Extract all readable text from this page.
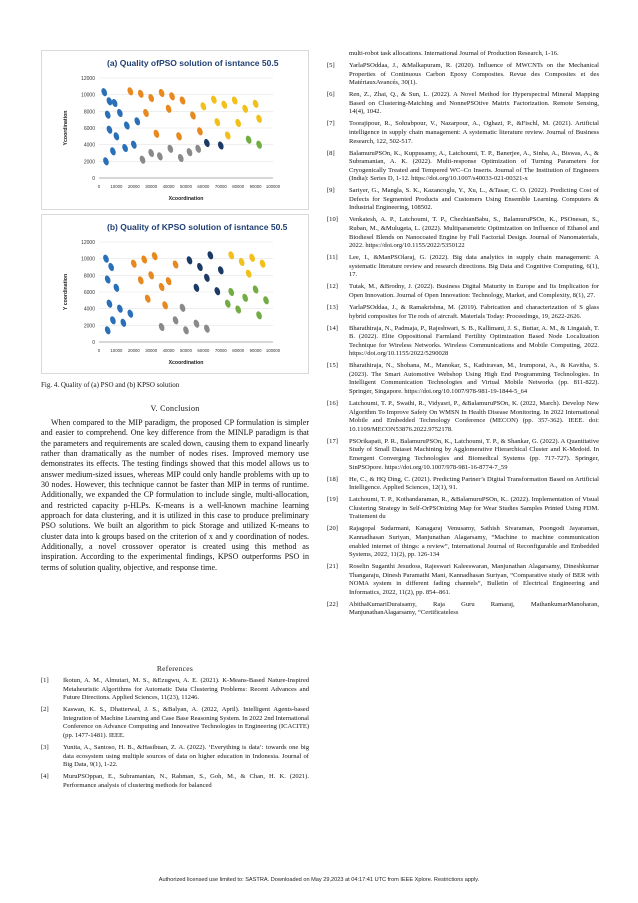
(a) Quality ofPSO solution of isntance 50.5
0
2000
4000
6000
8000
10000
12000
0 10000 20000 30000 40000 50000 60000 70000 80000 90000 100000
Xcoordination
Ycoordination
(b) Quality of KPSO solution of isntance 50.5
0
2000
4000
6000
8000
10000
12000
0 10000 20000 30000 40000 50000 60000 70000 80000 90000 100000
Xcoordination
Y coordination
Fig. 4. Quality of (a) PSO and (b) KPSO solution
V. Conclusion
When compared to the MIP paradigm, the proposed CP formulation is simpler and easier to comprehend. One key difference from the MINLP paradigm is that the parameters and requirements are scaled down, causing them to expand linearly rather than dramatically as the number of nodes rises. Improved memory use demonstrates its effects. The testing findings showed that this model allows us to answer medium-sized issues, whereas MIP could only handle problems with up to 30 nodes. However, this technique cannot be faster than MIP in terms of runtime. Additionally, we expanded the CP formulation to include single, multi-allocation, and restricted capacity p-HLPs. K-means is a well-known machine learning approach for data clustering, and it is utilized in this case to produce preliminary PSO solutions. We built an algorithm to pick Storage and utilized K-means to cluster data into k groups based on the criterion of x and y coordination of nodes. Additionally, a novel crossover operator is created using this method as inspiration. According to the experimental findings, KPSO outperforms PSO in terms of solution quality, objective, and response time.
References
[1]	Ikotun, A. M., Almutari, M. S., &Ezugwu, A. E. (2021). K-Means-Based Nature-Inspired Metaheuristic Algorithms for Automatic Data Clustering Problems: Recent Advances and Future Directions. Applied Sciences, 11(23), 11246.
[2]	Kaswan, K. S., Dhatterwal, J. S., &Balyan, A. (2022, April). Intelligent Agents-based Integration of Machine Learning and Case Base Reasoning System. In 2022 2nd International Conference on Advance Computing and Innovative Technologies in Engineering (ICACITE) (pp. 1477-1481). IEEE.
[3]	Yunita, A., Santoso, H. B., &Hasibuan, Z. A. (2022). ‘Everything is data’: towards one big data ecosystem using multiple sources of data on higher education in Indonesia. Journal of Big Data, 9(1), 1-22.
[4]	MuruPSOppan, E., Subramanian, N., Rahman, S., Goh, M., & Chan, H. K. (2021). Performance analysis of clustering methods for balanced
multi-robot task allocations. International Journal of Production Research, 1-16.
[5]	YarlaPSOddaa, J., &Malkapuram, R. (2020). Influence of MWCNTs on the Mechanical Properties of Continuous Carbon Epoxy Composites. Revue des Composites et des MatériauxAvancés, 30(1).
[6]	Ren, Z., Zhai, Q., & Sun, L. (2022). A Novel Method for Hyperspectral Mineral Mapping Based on Clustering-Matching and NonnePSOtive Matrix Factorization. Remote Sensing, 14(4), 1042.
[7]	Toorajipour, R., Sohrabpour, V., Nazarpour, A., Oghazi, P., &Fischl, M. (2021). Artificial intelligence in supply chain management: A systematic literature review. Journal of Business Research, 122, 502-517.
[8]	BalamuruPSOn, K., Kuppusamy, A., Latchoumi, T. P., Banerjee, A., Sinha, A., Biswas, A., & Subramanian, A. K. (2022). Multi-response Optimization of Turning Parameters for Cryogenically Treated and Tempered WC–Co Inserts. Journal of The Institution of Engineers (India): Series D, 1-12. https://doi.org/10.1007/s40033-021-00321-x
[9]	Sariyer, G., Mangla, S. K., Kazancoglu, Y., Xu, L., &Tasar, C. O. (2022). Predicting Cost of Defects for Segmented Products and Customers Using Ensemble Learning. Computers & Industrial Engineering, 108502.
[10]	Venkatesh, A. P., Latchoumi, T. P., ChezhianBabu, S., BalamuruPSOn, K., PSOnesan, S., Ruban, M., &Mulugeta, L. (2022). Multiparametric Optimization on Influence of Ethanol and Biodiesel Blends on Nanocoated Engine by Full Factorial Design. Journal of Nanomaterials, 2022. https://doi.org/10.1155/2022/5350122
[11]	Lee, I., &ManPSOlaraj, G. (2022). Big data analytics in supply chain management: A systematic literature review and research directions. Big Data and Cognitive Computing, 6(1), 17.
[12]	Tutak, M., &Brodny, J. (2022). Business Digital Maturity in Europe and Its Implication for Open Innovation. Journal of Open Innovation: Technology, Market, and Complexity, 8(1), 27.
[13]	YarlaPSOddaa, J., & Ramakrishna, M. (2019). Fabrication and characterization of S glass hybrid composites for Tie rods of aircraft. Materials Today: Proceedings, 19, 2622-2626.
[14]	Bharathiraja, N., Padmaja, P., Rajeshwari, S. B., Kallimani, J. S., Buttar, A. M., & Lingaiah, T. B. (2022). Elite Oppositional Farmland Fertility Optimization Based Node Localization Technique for Wireless Networks. Wireless Communications and Mobile Computing, 2022. https://doi.org/10.1155/2022/5290028
[15]	Bharathiraja, N., Shobana, M., Manokar, S., Kathiravan, M., Irumporai, A., & Kavitha, S. (2023). The Smart Automotive Webshop Using High End Programming Technologies. In Intelligent Communication Technologies and Virtual Mobile Networks (pp. 811-822). Springer, Singapore. https://doi.org/10.1007/978-981-19-1844-5_64
[16]	Latchoumi, T. P., Swathi, R., Vidyasri, P., &BalamuruPSOn, K. (2022, March). Develop New Algorithm To Improve Safety On WMSN In Health Disease Monitoring. In 2022 International Mobile and Embedded Technology Conference (MECON) (pp. 357-362). IEEE. doi: 10.1109/MECON53876.2022.9752178.
[17]	PSOrikapati, P. R., BalamuruPSOn, K., Latchoumi, T. P., & Shankar, G. (2022). A Quantitative Study of Small Dataset Machining by Agglomerative Hierarchical Cluster and K-Medoid. In Emergent Converging Technologies and Biomedical Systems (pp. 717-727). Springer, SinPSOpore. https://doi.org/10.1007/978-981-16-8774-7_59
[18]	He, C., & HQ Ding, C. (2021). Predicting Partner’s Digital Transformation Based on Artificial Intelligence. Applied Sciences, 12(1), 91.
[19]	Latchoumi, T. P., Kothandaraman, R., &BalamuruPSOn, K.. (2022). Implementation of Visual Clustering Strategy in Self-OrPSOnizing Map for Wear Studies Samples Printed Using FDM. Traitement du
[20]	Rajagopal Sudarmani, Kanagaraj Venusamy, Sathish Sivaraman, Poongodi Jayaraman, Kannadhasan Suriyan, Manjunathan Alagarsamy, “Machine to machine communication enabled internet of things: a review”, International Journal of Reconfigurable and Embedded Systems, 2022, 11(2), pp. 126-134
[21]	Roselin Suganthi Jesudoss, Rajeswari Kaleeswaran, Manjunathan Alagarsamy, Dineshkumar Thangaraju, Dinesh Paramathi Mani, Kannadhasan Suriyan, “Comparative study of BER with NOMA system in different fading channels”, Bulletin of Electrical Engineering and Informatics, 2022, 11(2), pp. 854–861.
[22]	AbithaKumariDuraisamy, Raja Guru Ramaraj, MathankumarManoharan, ManjunathanAlagarsamy, “Certificateless
Authorized licensed use limited to: SASTRA. Downloaded on May 29,2023 at 04:17:41 UTC from IEEE Xplore. Restrictions apply.
